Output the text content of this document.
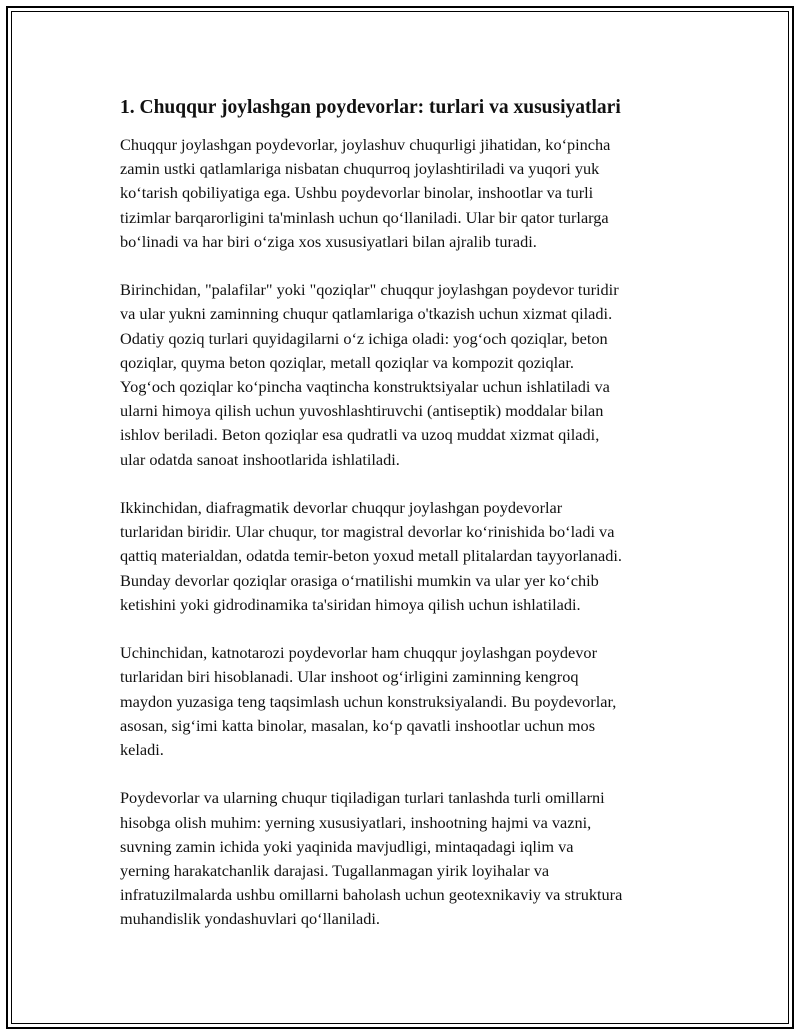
1. Chuqqur joylashgan poydevorlar: turlari va xususiyatlari
Chuqqur joylashgan poydevorlar, joylashuv chuqurligi jihatidan, ko‘pincha
zamin ustki qatlamlariga nisbatan chuqurroq joylashtiriladi va yuqori yuk
ko‘tarish qobiliyatiga ega. Ushbu poydevorlar binolar, inshootlar va turli
tizimlar barqarorligini ta'minlash uchun qo‘llaniladi. Ular bir qator turlarga
bo‘linadi va har biri o‘ziga xos xususiyatlari bilan ajralib turadi.
Birinchidan, "palafilar" yoki "qoziqlar" chuqqur joylashgan poydevor turidir
va ular yukni zaminning chuqur qatlamlariga o'tkazish uchun xizmat qiladi.
Odatiy qoziq turlari quyidagilarni o‘z ichiga oladi: yog‘och qoziqlar, beton
qoziqlar, quyma beton qoziqlar, metall qoziqlar va kompozit qoziqlar.
Yog‘och qoziqlar ko‘pincha vaqtincha konstruktsiyalar uchun ishlatiladi va
ularni himoya qilish uchun yuvoshlashtiruvchi (antiseptik) moddalar bilan
ishlov beriladi. Beton qoziqlar esa qudratli va uzoq muddat xizmat qiladi,
ular odatda sanoat inshootlarida ishlatiladi.
Ikkinchidan, diafragmatik devorlar chuqqur joylashgan poydevorlar
turlaridan biridir. Ular chuqur, tor magistral devorlar ko‘rinishida bo‘ladi va
qattiq materialdan, odatda temir-beton yoxud metall plitalardan tayyorlanadi.
Bunday devorlar qoziqlar orasiga o‘rnatilishi mumkin va ular yer ko‘chib
ketishini yoki gidrodinamika ta'siridan himoya qilish uchun ishlatiladi.
Uchinchidan, katnotarozi poydevorlar ham chuqqur joylashgan poydevor
turlaridan biri hisoblanadi. Ular inshoot og‘irligini zaminning kengroq
maydon yuzasiga teng taqsimlash uchun konstruksiyalandi. Bu poydevorlar,
asosan, sig‘imi katta binolar, masalan, ko‘p qavatli inshootlar uchun mos
keladi.
Poydevorlar va ularning chuqur tiqiladigan turlari tanlashda turli omillarni
hisobga olish muhim: yerning xususiyatlari, inshootning hajmi va vazni,
suvning zamin ichida yoki yaqinida mavjudligi, mintaqadagi iqlim va
yerning harakatchanlik darajasi. Tugallanmagan yirik loyihalar va
infratuzilmalarda ushbu omillarni baholash uchun geotexnikaviy va struktura
muhandislik yondashuvlari qo‘llaniladi.
